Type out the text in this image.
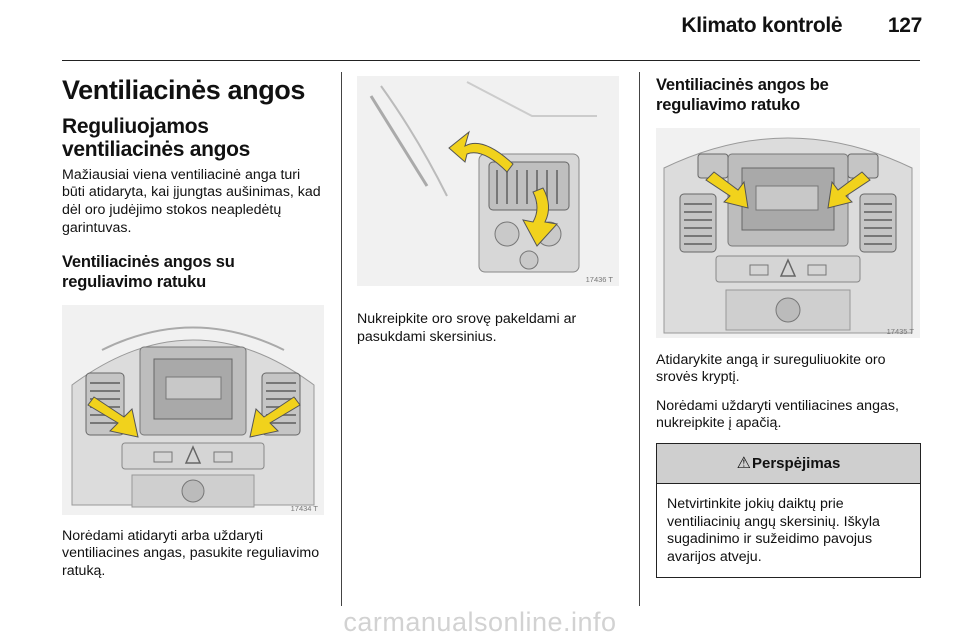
Klimato kontrolė 127
Ventiliacinės angos
Reguliuojamos ventiliacinės angos

Mažiausiai viena ventiliacinė anga turi būti atidaryta, kai įjungtas aušinimas, kad dėl oro judėjimo stokos neapledėtų garintuvas.

Ventiliacinės angos su reguliavimo ratuku
17434 T

Norėdami atidaryti arba uždaryti ventiliacines angas, pasukite reguliavimo ratuką.

17436 T

Nukreipkite oro srovę pakeldami ar pasukdami skersinius.

Ventiliacinės angos be reguliavimo ratuko
17435 T

Atidarykite angą ir sureguliuokite oro srovės kryptį.

Norėdami uždaryti ventiliacines angas, nukreipkite į apačią.

⚠Perspėjimas
Netvirtinkite jokių daiktų prie ventiliacinių angų skersinių. Iškyla sugadinimo ir sužeidimo pavojus avarijos atveju.
carmanualsonline.info
